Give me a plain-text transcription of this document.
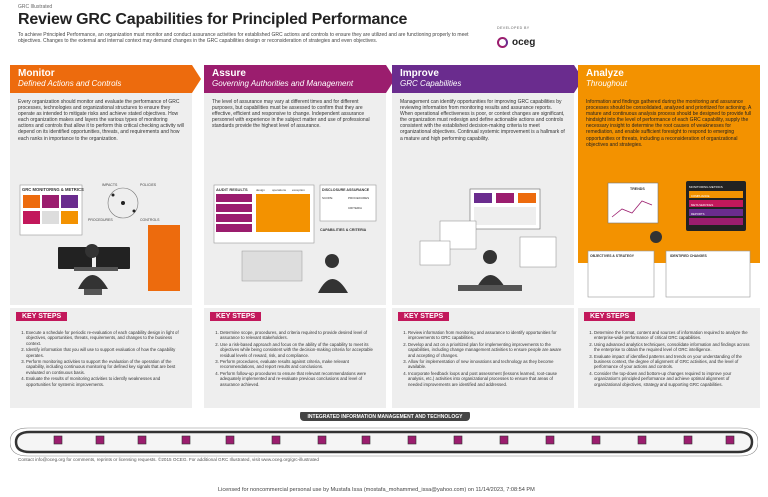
GRC Illustrated
Review GRC Capabilities for Principled Performance
To achieve Principled Performance, an organization must monitor and conduct assurance activities for established GRC actions and controls to ensure they are utilized and are functioning properly to meet objectives. Changes to the external and internal context may demand changes in the GRC capabilities design or reconsideration of strategies and even objectives.
DEVELOPED BY
oceg
Monitor
Defined Actions and Controls
Every organization should monitor and evaluate the performance of GRC processes, technologies and organizational structures to ensure they operate as intended to mitigate risks and achieve stated objectives. How each organization makes and layers the various types of monitoring actions and controls that allow it to perform this critical checking activity will depend on its identified opportunities, threats, and requirements and how each ranks in importance to the organization.
GRC MONITORING & METRICS
IMPACTS	POLICIES
PROCEDURES	CONTROLS
Assure
Governing Authorities and Management
The level of assurance may vary at different times and for different purposes, but capabilities must be assessed to confirm that they are effective, efficient and responsive to change. Independent assurance personnel with experience in the subject matter and use of professional standards provide the highest level of assurance.
AUDIT RESULTS	design operations exception	DISCLOSURE ASSURANCE
SCOPE	PROCEDURES
CRITERIA
CAPABILITIES & CRITERIA
Improve
GRC Capabilities
Management can identify opportunities for improving GRC capabilities by reviewing information from monitoring results and assurance reports. When operational effectiveness is poor, or context changes are significant, the organization must redesign and define actionable actions and controls consistent with the established decision-making criteria to meet organizational objectives. Continual systemic improvement is a hallmark of a mature and high performing capability.
Analyze
Throughout
Information and findings gathered during the monitoring and assurance processes should be consolidated, analyzed and prioritized for actioning. A mature and continuous analysis process should be designed to provide full hindsight into the level of performance of each GRC capability, supply the necessary insight to determine the root causes of weaknesses for remediation, and enable sufficient foresight to respond to emerging opportunities or threats, including a reconsideration of organizational objectives and strategies.
TRENDS	MONITORING METRICS
COMPLIANCE
META SERVICES
REPORTS
OBJECTIVES & STRATEGY	IDENTIFIED CHANGES
KEY STEPS
1. Execute a schedule for periodic re-evaluation of each capability design in light of objectives, opportunities, threats, requirements, and changes to the business context.
2. Identify information that you will use to support evaluation of how the capability operates.
3. Perform monitoring activities to support the evaluation of the operation of the capability, including continuous monitoring for defined key signals that are best evaluated on continuous basis.
4. Evaluate the results of monitoring activities to identify weaknesses and opportunities for systemic improvements.
KEY STEPS
1. Determine scope, procedures, and criteria required to provide desired level of assurance to relevant stakeholders.
2. Use a risk-based approach and focus on the ability of the capability to meet its objectives while being consistent with the decision-making criteria for acceptable residual levels of reward, risk, and compliance.
3. Perform procedures, evaluate results against criteria, make relevant recommendations, and report results and conclusions.
4. Perform follow-up procedures to ensure that relevant recommendations were adequately implemented and re-evaluate previous conclusions and level of assurance achieved.
KEY STEPS
1. Review information from monitoring and assurance to identify opportunities for improvements to GRC capabilities.
2. Develop and act on a prioritized plan for implementing improvements to the capabilities, including change management activities to ensure people are aware and accepting of changes.
3. Allow for implementation of new innovations and technology as they become available.
4. Incorporate feedback loops and post assessment (lessons learned, root-cause analysis, etc.) activities into organizational processes to ensure that areas of needed improvements are identified and addressed.
KEY STEPS
1. Determine the format, content and sources of information required to analyze the enterprise-wide performance of critical GRC capabilities.
2. Using advanced analytics techniques, consolidate information and findings across the enterprise to obtain the required level of GRC intelligence.
3. Evaluate impact of identified patterns and trends on your understanding of the business context, the degree of alignment of GRC activities, and the level of performance of your actions and controls.
4. Consider the top-down and bottom-up changes required to improve your organization's principled performance and achieve optimal alignment of organizational objectives, strategy and supporting GRC capabilities.
INTEGRATED INFORMATION MANAGEMENT AND TECHNOLOGY
Contact info@oceg.org for comments, reprints or licensing requests. ©2015 OCEG. For additional GRC Illustrated, visit www.oceg.org/grc-illustrated
Licensed for noncommercial personal use by Mustafa Issa (mostafa_mohammed_issa@yahoo.com) on 11/14/2023, 7:08:54 PM
